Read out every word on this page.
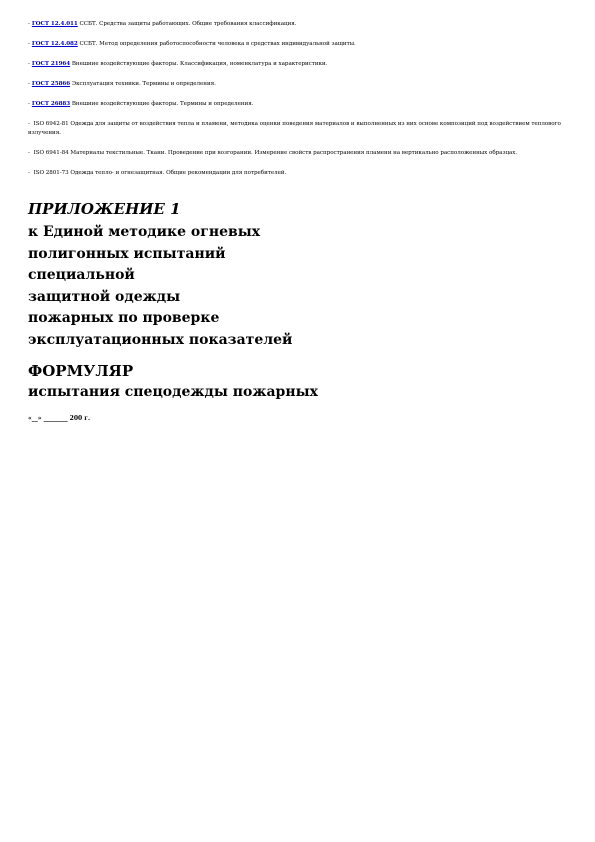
- ГОСТ 12.4.011 ССБТ. Средства защиты работающих. Общие требования классификация.

- ГОСТ 12.4.082 ССБТ. Метод определения работоспособности человека в средствах индивидуальной защиты.

- ГОСТ 21964 Внешние воздействующие факторы. Классификация, номенклатура и характеристики.

- ГОСТ 25866 Эксплуатация техники. Термины и определения.

- ГОСТ 26883 Внешние воздействующие факторы. Термины и определения.

- ISO 6942-81 Одежда для защиты от воздействия тепла и пламени, методика оценки поведения материалов и выполненных из них основе композиций под воздействием теплового излучения.

- ISO 6941-84 Материалы текстильные. Ткани. Проведение при возгорании. Измерение свойств распространения пламени на вертикально расположенных образцах.

- ISO 2801-73 Одежда тепло- и огнезащитная. Общие рекомендации для потребителей.

ПРИЛОЖЕНИЕ 1

к Единой методике огневых

полигонных испытаний

специальной

защитной одежды

пожарных по проверке

эксплуатационных показателей

ФОРМУЛЯР

испытания спецодежды пожарных

«__» ________ 200 г.
